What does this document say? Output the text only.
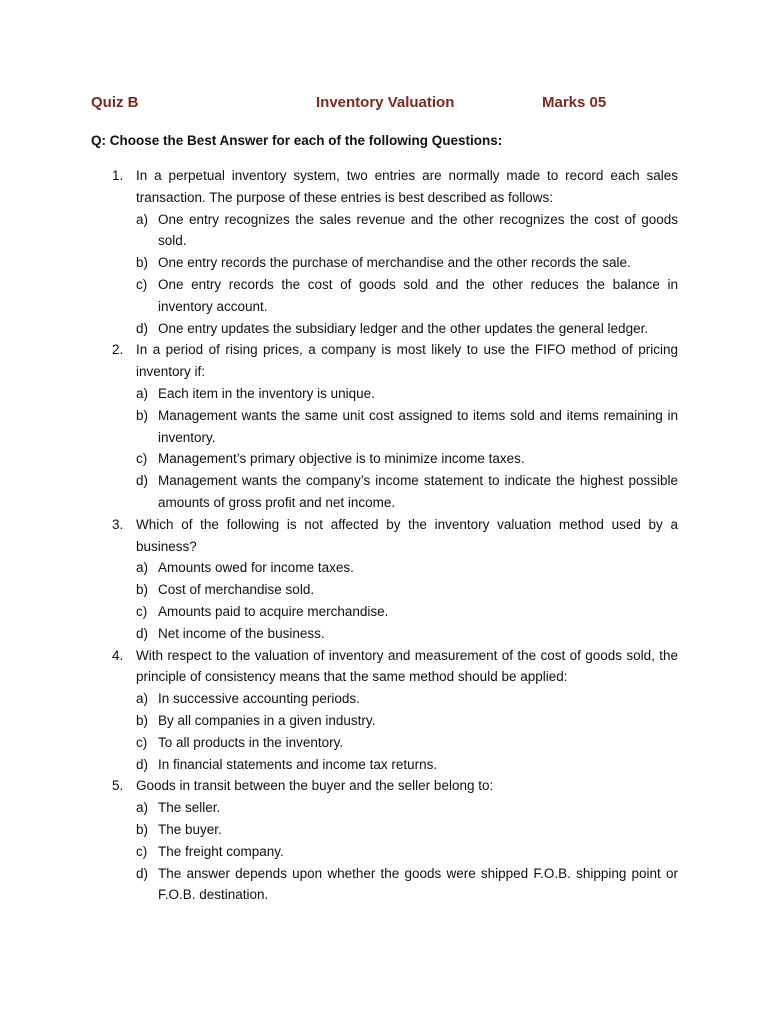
Quiz B	Inventory Valuation	Marks 05
Q: Choose the Best Answer for each of the following Questions:
1. In a perpetual inventory system, two entries are normally made to record each sales transaction. The purpose of these entries is best described as follows:
a) One entry recognizes the sales revenue and the other recognizes the cost of goods sold.
b) One entry records the purchase of merchandise and the other records the sale.
c) One entry records the cost of goods sold and the other reduces the balance in inventory account.
d) One entry updates the subsidiary ledger and the other updates the general ledger.
2. In a period of rising prices, a company is most likely to use the FIFO method of pricing inventory if:
a) Each item in the inventory is unique.
b) Management wants the same unit cost assigned to items sold and items remaining in inventory.
c) Management’s primary objective is to minimize income taxes.
d) Management wants the company’s income statement to indicate the highest possible amounts of gross profit and net income.
3. Which of the following is not affected by the inventory valuation method used by a business?
a) Amounts owed for income taxes.
b) Cost of merchandise sold.
c) Amounts paid to acquire merchandise.
d) Net income of the business.
4. With respect to the valuation of inventory and measurement of the cost of goods sold, the principle of consistency means that the same method should be applied:
a) In successive accounting periods.
b) By all companies in a given industry.
c) To all products in the inventory.
d) In financial statements and income tax returns.
5. Goods in transit between the buyer and the seller belong to:
a) The seller.
b) The buyer.
c) The freight company.
d) The answer depends upon whether the goods were shipped F.O.B. shipping point or F.O.B. destination.
